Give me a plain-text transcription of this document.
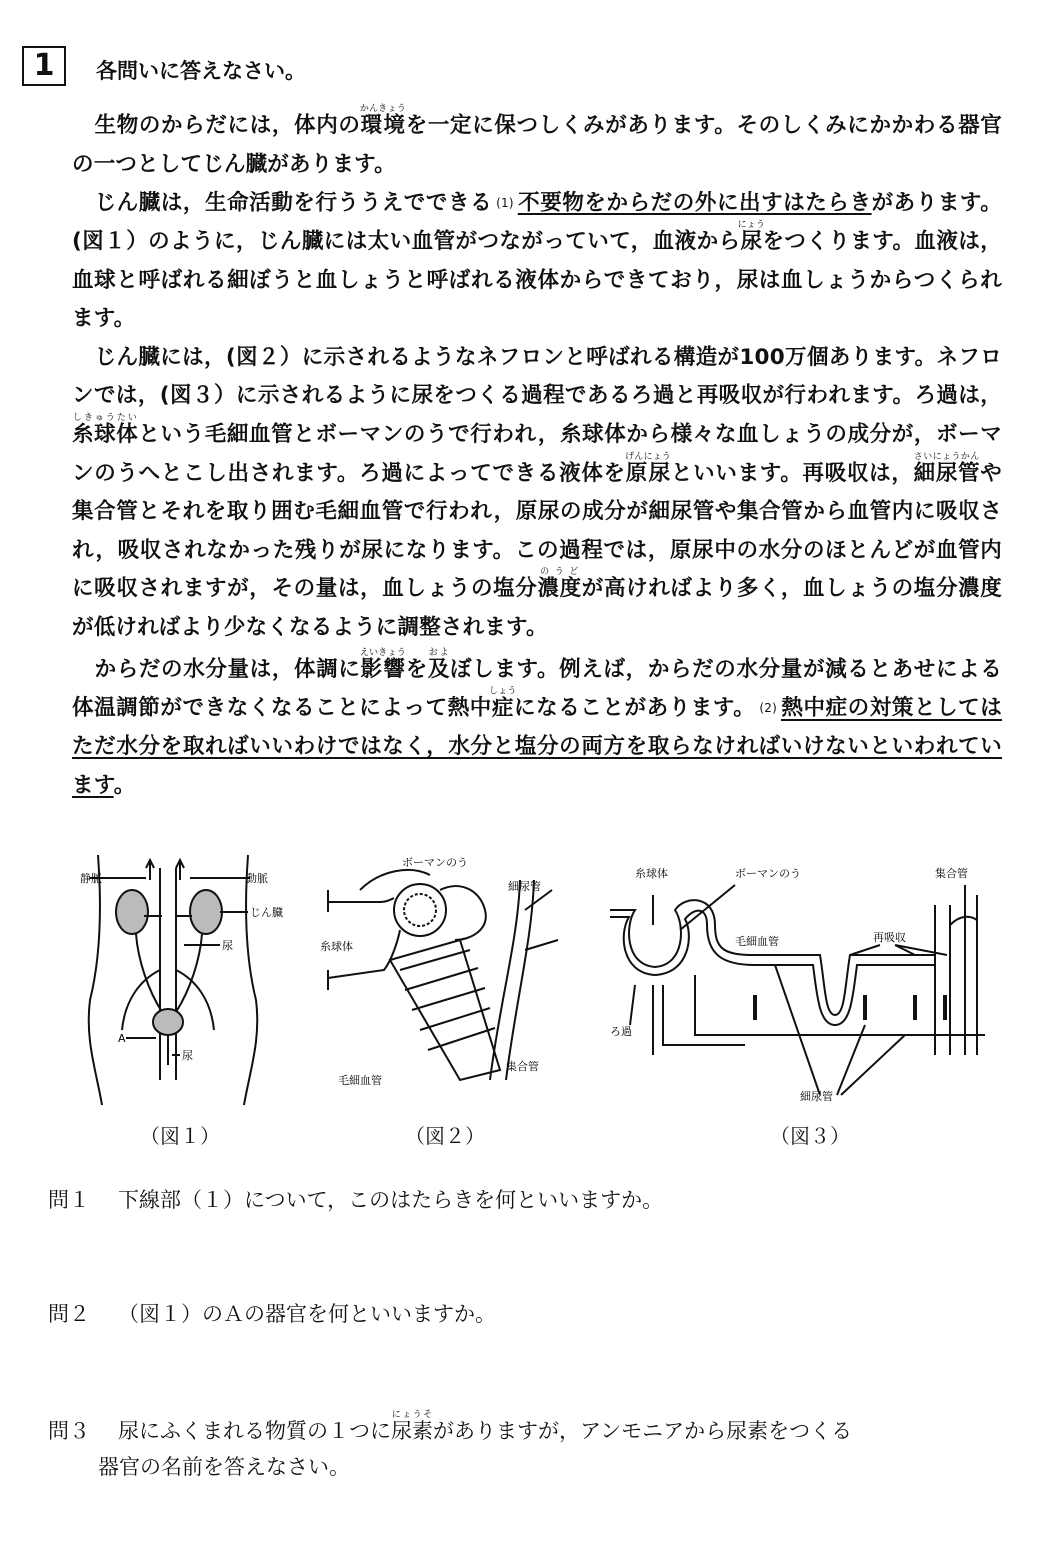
1	各問いに答えなさい。

生物のからだには，体内の環境かんきょうを一定に保つしくみがあります。そのしくみにかかわる器官の一つとしてじん臓があります。

じん臓は，生命活動を行ううえでできる (1) 不要物をからだの外に出すはたらきがあります。(図１）のように，じん臓には太い血管がつながっていて，血液から尿にょうをつくります。血液は，血球と呼ばれる細ぼうと血しょうと呼ばれる液体からできており，尿は血しょうからつくられます。

じん臓には，(図２）に示されるようなネフロンと呼ばれる構造が100万個あります。ネフロンでは，(図３）に示されるように尿をつくる過程であるろ過と再吸収が行われます。ろ過は，糸球体しきゅうたいという毛細血管とボーマンのうで行われ，糸球体から様々な血しょうの成分が，ボーマンのうへとこし出されます。ろ過によってできる液体を原尿げんにょうといいます。再吸収は，細尿管さいにょうかんや集合管とそれを取り囲む毛細血管で行われ，原尿の成分が細尿管や集合管から血管内に吸収され，吸収されなかった残りが尿になります。この過程では，原尿中の水分のほとんどが血管内に吸収されますが，その量は，血しょうの塩分濃度のうどが高ければより多く，血しょうの塩分濃度が低ければより少なくなるように調整されます。

からだの水分量は，体調に影響えいきょうを及およぼします。例えば，からだの水分量が減るとあせによる体温調節ができなくなることによって熱中症しょうになることがあります。 (2) 熱中症の対策としてはただ水分を取ればいいわけではなく，水分と塩分の両方を取らなければいけないといわれています。

静脈	動脈
じん臓
尿
A
尿
（図１）
ボーマンのう
細尿管
糸球体
毛細血管
集合管
（図２）
糸球体	ボーマンのう	集合管
毛細血管	再吸収
ろ過
細尿管
（図３）
問１ 下線部（１）について，このはたらきを何といいますか。
問２ （図１）のＡの器官を何といいますか。
問３ 尿にふくまれる物質の１つに尿素にょうそがありますが，アンモニアから尿素をつくる
器官の名前を答えなさい。
